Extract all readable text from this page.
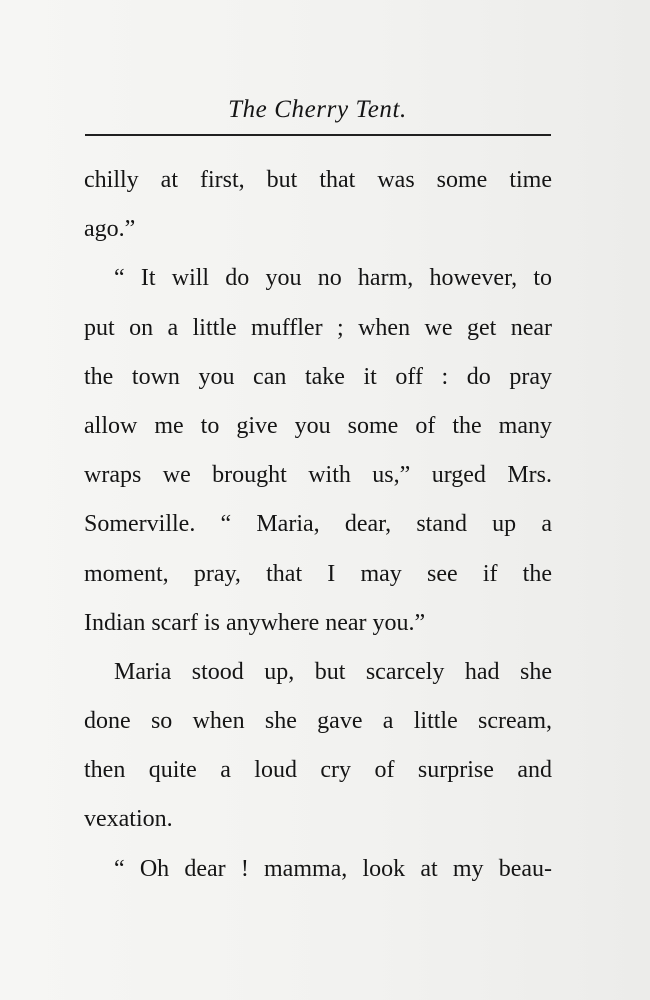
The Cherry Tent.
chilly at first, but that was some time
ago.”
“ It will do you no harm, however, to
put on a little muffler ; when we get near
the town you can take it off : do pray
allow me to give you some of the many
wraps we brought with us,” urged Mrs.
Somerville. “ Maria, dear, stand up a
moment, pray, that I may see if the
Indian scarf is anywhere near you.”
Maria stood up, but scarcely had she
done so when she gave a little scream,
then quite a loud cry of surprise and
vexation.
“ Oh dear ! mamma, look at my beau-
